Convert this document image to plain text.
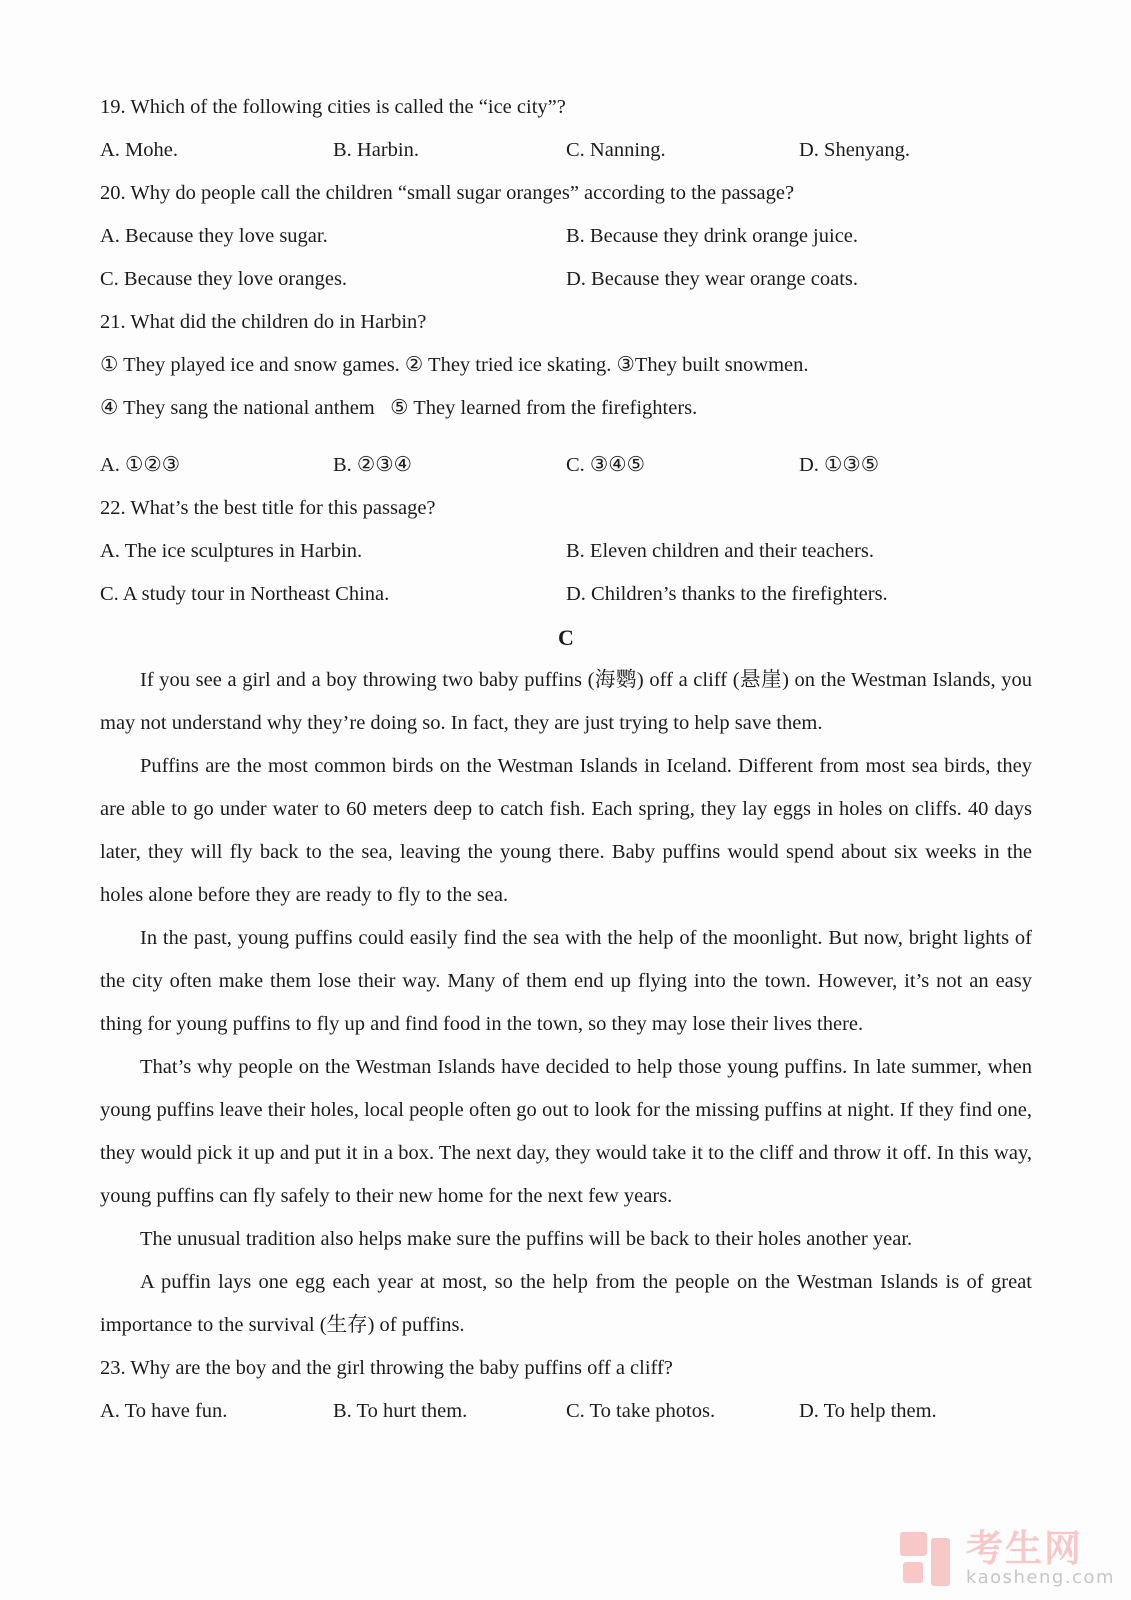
19. Which of the following cities is called the “ice city”?

A. Mohe.	B. Harbin.	C. Nanning.	D. Shenyang.

20. Why do people call the children “small sugar oranges” according to the passage?

A. Because they love sugar.	B. Because they drink orange juice.
C. Because they love oranges.	D. Because they wear orange coats.

21. What did the children do in Harbin?

① They played ice and snow games. ② They tried ice skating. ③They built snowmen.

④ They sang the national anthem  ⑤ They learned from the firefighters.

A. ①②③	B. ②③④	C. ③④⑤	D. ①③⑤

22. What’s the best title for this passage?

A. The ice sculptures in Harbin.	B. Eleven children and their teachers.
C. A study tour in Northeast China.	D. Children’s thanks to the firefighters.

C

If you see a girl and a boy throwing two baby puffins (海鹦) off a cliff (悬崖) on the Westman Islands, you may not understand why they’re doing so. In fact, they are just trying to help save them.

Puffins are the most common birds on the Westman Islands in Iceland. Different from most sea birds, they are able to go under water to 60 meters deep to catch fish. Each spring, they lay eggs in holes on cliffs. 40 days later, they will fly back to the sea, leaving the young there. Baby puffins would spend about six weeks in the holes alone before they are ready to fly to the sea.

In the past, young puffins could easily find the sea with the help of the moonlight. But now, bright lights of the city often make them lose their way. Many of them end up flying into the town. However, it’s not an easy thing for young puffins to fly up and find food in the town, so they may lose their lives there.

That’s why people on the Westman Islands have decided to help those young puffins. In late summer, when young puffins leave their holes, local people often go out to look for the missing puffins at night. If they find one, they would pick it up and put it in a box. The next day, they would take it to the cliff and throw it off. In this way, young puffins can fly safely to their new home for the next few years.

The unusual tradition also helps make sure the puffins will be back to their holes another year.

A puffin lays one egg each year at most, so the help from the people on the Westman Islands is of great importance to the survival (生存) of puffins.

23. Why are the boy and the girl throwing the baby puffins off a cliff?

A. To have fun.	B. To hurt them.	C. To take photos.	D. To help them.
考生网
kaosheng.com
